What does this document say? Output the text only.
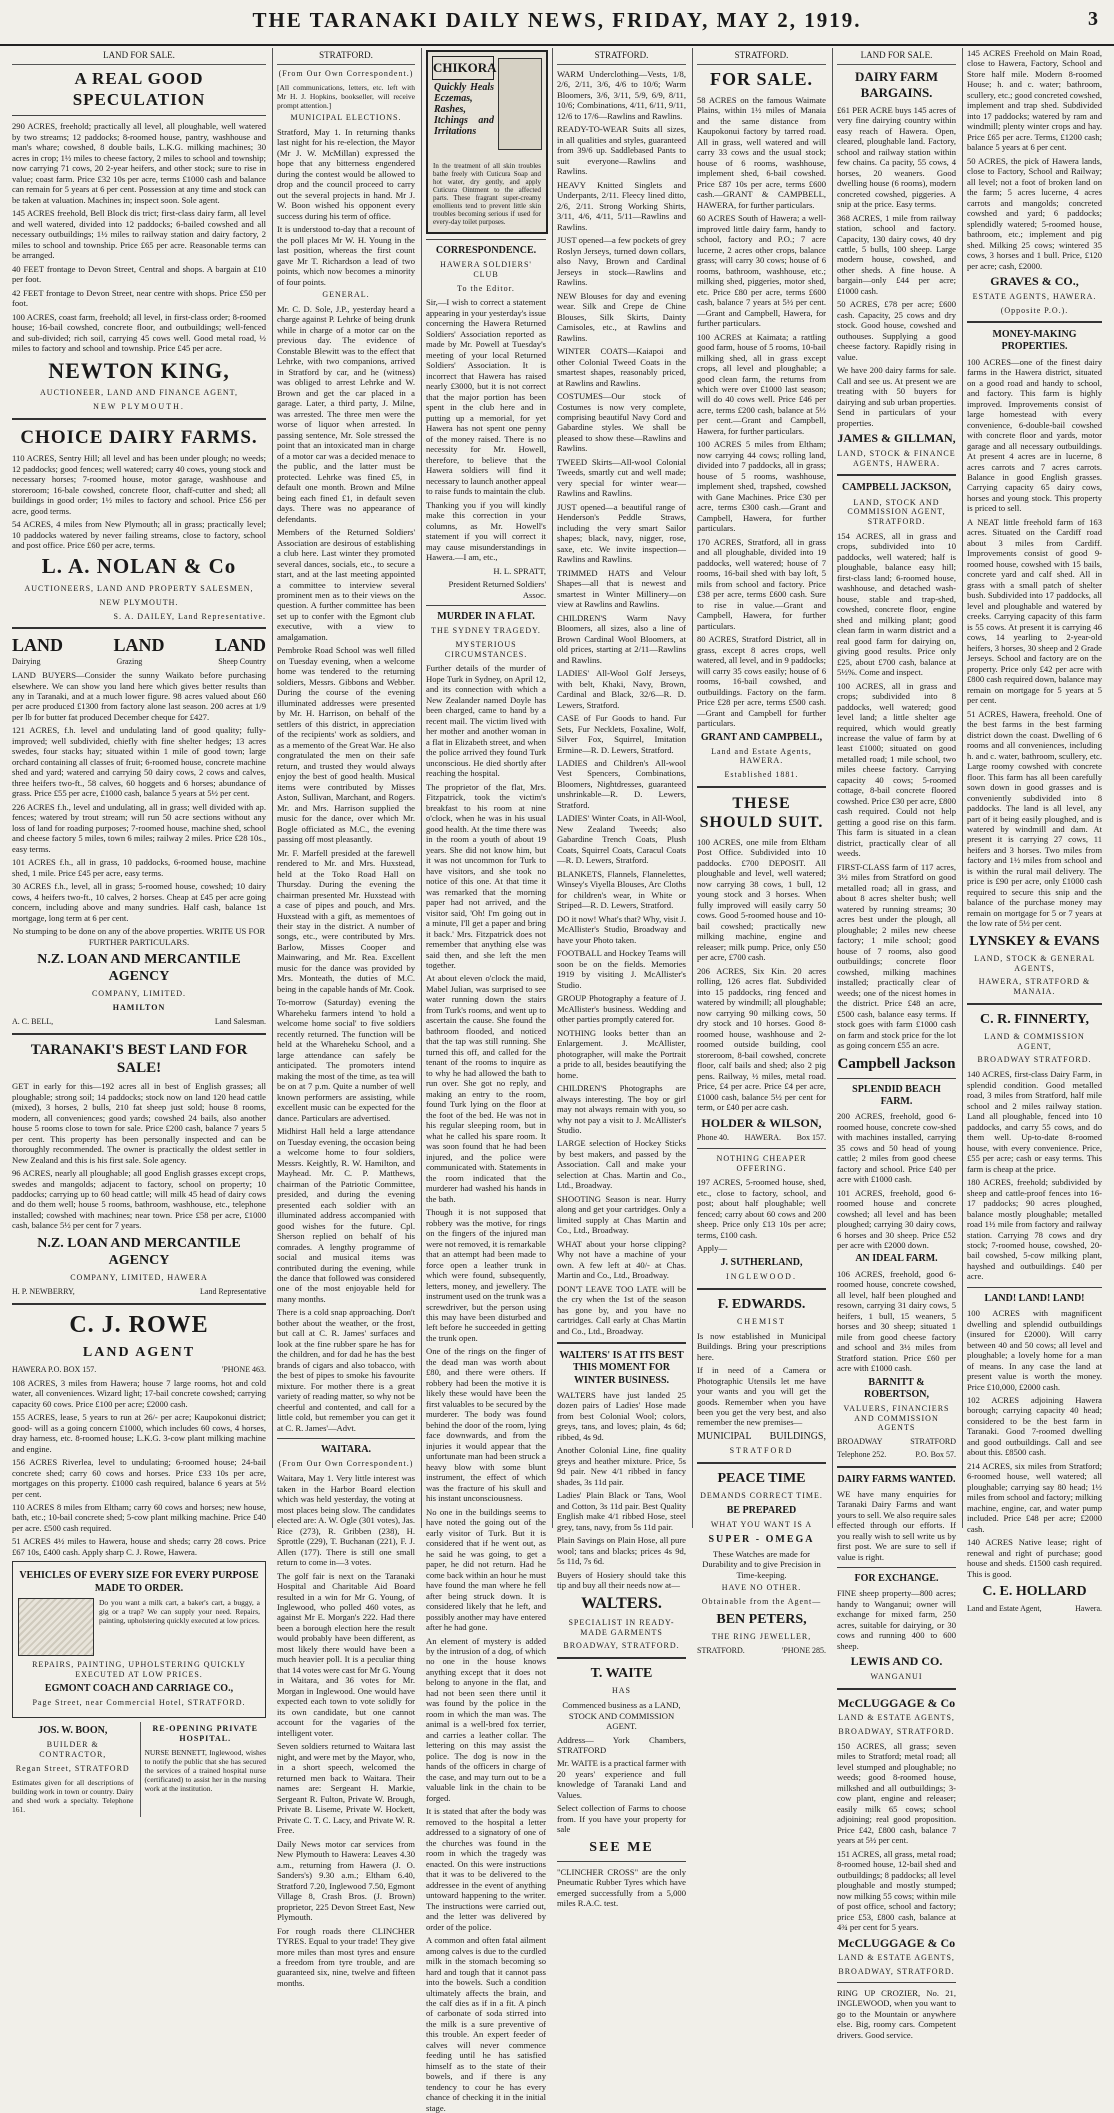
THE TARANAKI DAILY NEWS, FRIDAY, MAY 2, 1919.	3
LAND FOR SALE.
A REAL GOOD SPECULATION

290 ACRES, freehold; practically all level, all ploughable, well watered by two streams; 12 paddocks; 8-roomed house, pantry, washhouse and man's whare; cowshed, 8 double bails, L.K.G. milking machines; 30 acres in crop; 1½ miles to cheese factory, 2 miles to school and township; now carrying 71 cows, 20 2-year heifers, and other stock; sure to rise in value; coast farm. Price £32 10s per acre, terms £1000 cash and balance can remain for 5 years at 6 per cent. Possession at any time and stock can be taken at valuation. Machines in; inspect soon. Sole agent.

145 ACRES freehold, Bell Block dis trict; first-class dairy farm, all level and well watered, divided into 12 paddocks; 6-bailed cowshed and all necessary outbuildings; 1½ miles to railway station and dairy factory, 2 miles to school and township. Price £65 per acre. Reasonable terms can be arranged.

40 FEET frontage to Devon Street, Central and shops. A bargain at £10 per foot.

42 FEET frontage to Devon Street, near centre with shops. Price £50 per foot.

100 ACRES, coast farm, freehold; all level, in first-class order; 8-roomed house; 16-bail cowshed, concrete floor, and outbuildings; well-fenced and sub-divided; rich soil, carrying 45 cows well. Good metal road, ½ miles to factory and school and township. Price £45 per acre.

NEWTON KING,
AUCTIONEER, LAND AND FINANCE AGENT,
NEW PLYMOUTH.
CHOICE DAIRY FARMS.

110 ACRES, Sentry Hill; all level and has been under plough; no weeds; 12 paddocks; good fences; well watered; carry 40 cows, young stock and necessary horses; 7-roomed house, motor garage, washhouse and storeroom; 16-bale cowshed, concrete floor, chaff-cutter and shed; all buildings in good order; 1½ miles to factory and school. Price £56 per acre, good terms.

54 ACRES, 4 miles from New Plymouth; all in grass; practically level; 10 paddocks watered by never failing streams, close to factory, school and post office. Price £60 per acre, terms.

L. A. NOLAN & Co
AUCTIONEERS, LAND AND PROPERTY SALESMEN,
NEW PLYMOUTH.
S. A. DAILEY, Land Representative.
LAND	LAND	LAND
Dairying	Grazing	Sheep Country

LAND BUYERS—Consider the sunny Waikato before purchasing elsewhere. We can show you land here which gives better results than any in Taranaki, and at a much lower figure. 98 acres valued about £60 per acre produced £1300 from factory alone last season. 200 acres at 1/9 per lb for butter fat produced December cheque for £427.

121 ACRES, f.h. level and undulating land of good quality; fully-improved; well subdivided, chiefly with fine shelter hedges; 13 acres swedes, four stacks hay; situated within 1 mile of good town; large orchard containing all classes of fruit; 6-roomed house, concrete machine shed and yard; watered and carrying 50 dairy cows, 2 cows and calves, three heifers two-ft., 58 calves, 60 hoggets and 6 horses; abundance of grass. Price £55 per acre, £1000 cash, balance 5 years at 5½ per cent.

226 ACRES f.h., level and undulating, all in grass; well divided with ap. fences; watered by trout stream; will run 50 acre sections without any loss of land for roading purposes; 7-roomed house, machine shed, school and cheese factory 5 miles, town 6 miles; railway 2 miles. Price £28 10s., easy terms.

101 ACRES f.h., all in grass, 10 paddocks, 6-roomed house, machine shed, 1 mile. Price £45 per acre, easy terms.

30 ACRES f.h., level, all in grass; 5-roomed house, cowshed; 10 dairy cows, 4 heifers two-ft., 10 calves, 2 horses. Cheap at £45 per acre going concern, including above and many sundries. Half cash, balance 1st mortgage, long term at 6 per cent.

No stumping to be done on any of the above properties. WRITE US FOR FURTHER PARTICULARS.

N.Z. LOAN AND MERCANTILE AGENCY
COMPANY, LIMITED.
HAMILTON
A. C. BELL,	Land Salesman.
TARANAKI'S BEST LAND FOR SALE!

GET in early for this—192 acres all in best of English grasses; all ploughable; strong soil; 14 paddocks; stock now on land 120 head cattle (mixed), 3 horses, 2 bulls, 210 fat sheep just sold; house 8 rooms, modern, all conveniences; good yards; cowshed 24 bails, also another house 5 rooms close to town for sale. Price £200 cash, balance 7 years 5 per cent. This property has been personally inspected and can be thoroughly recommended. The owner is practically the oldest settler in New Zealand and this is his first sale. Sole agency.

96 ACRES, nearly all ploughable; all good English grasses except crops, swedes and mangolds; adjacent to factory, school on property; 10 paddocks; carrying up to 60 head cattle; will milk 45 head of dairy cows and do them well; house 5 rooms, bathroom, washhouse, etc., telephone installed; cowshed with machines; near town. Price £58 per acre, £1000 cash, balance 5½ per cent for 7 years.

N.Z. LOAN AND MERCANTILE AGENCY
COMPANY, LIMITED, HAWERA
H. P. NEWBERRY,	Land Representative
C. J. ROWE
LAND AGENT
HAWERA P.O. BOX 157.	'PHONE 463.

108 ACRES, 3 miles from Hawera; house 7 large rooms, hot and cold water, all conveniences. Wizard light; 17-bail concrete cowshed; carrying capacity 60 cows. Price £100 per acre; £2000 cash.

155 ACRES, lease, 5 years to run at 26/- per acre; Kaupokonui district; good- will as a going concern £1000, which includes 60 cows, 4 horses, dray harness, etc. 8-roomed house; L.K.G. 3-cow plant milking machine and engine.

156 ACRES Riverlea, level to undulating; 6-roomed house; 24-bail concrete shed; carry 60 cows and horses. Price £33 10s per acre, mortgages on this property. £1000 cash required, balance 6 years at 5½ per cent.

110 ACRES 8 miles from Eltham; carry 60 cows and horses; new house, bath, etc.; 10-bail concrete shed; 5-cow plant milking machine. Price £40 per acre. £500 cash required.

51 ACRES 4½ miles to Hawera, house and sheds; carry 28 cows. Price £67 10s, £400 cash. Apply sharp C. J. Rowe, Hawera.

VEHICLES OF EVERY SIZE FOR EVERY PURPOSE MADE TO ORDER.

Do you want a milk cart, a baker's cart, a buggy, a gig or a trap? We can supply your need. Repairs, painting, upholstering quickly executed at low prices.

REPAIRS, PAINTING, UPHOLSTERING QUICKLY EXECUTED AT LOW PRICES.
EGMONT COACH AND CARRIAGE CO.,
Page Street, near Commercial Hotel, STRATFORD.
JOS. W. BOON,
BUILDER & CONTRACTOR,
Regan Street, STRATFORD

Estimates given for all descriptions of building work in town or country. Dairy and shed work a specialty. Telephone 161.

RE-OPENING PRIVATE HOSPITAL.

NURSE BENNETT, Inglewood, wishes to notify the public that she has secured the services of a trained hospital nurse (certificated) to assist her in the nursing work at the institution.

STRATFORD.
(From Our Own Correspondent.)

[All communications, letters, etc. left with Mr H. J. Hopkins, bookseller, will receive prompt attention.]

MUNICIPAL ELECTIONS.

Stratford, May 1. In returning thanks last night for his re-election, the Mayor (Mr J. W. McMillan) expressed the hope that any bitterness engendered during the contest would be allowed to drop and the council proceed to carry out the several projects in hand. Mr J. W. Boon wished his opponent every success during his term of office.

It is understood to-day that a recount of the poll places Mr W. H. Young in the last position, whereas the first count gave Mr T. Richardson a lead of two points, which now becomes a minority of four points.

GENERAL.

Mr. C. D. Sole, J.P., yesterday heard a charge against P. Lehrke of being drunk while in charge of a motor car on the previous day. The evidence of Constable Blewitt was to the effect that Lehrke, with two companions, arrived in Stratford by car, and he (witness) was obliged to arrest Lehrke and W. Brown and get the car placed in a garage. Later, a third party, J. Milne, was arrested. The three men were the worse of liquor when arrested. In passing sentence, Mr. Sole stressed the point that an intoxicated man in charge of a motor car was a decided menace to the public, and the latter must be protected. Lehrke was fined £5, in default one month. Brown and Milne being each fined £1, in default seven days. There was no appearance of defendants.

Members of the Returned Soldiers' Association are desirous of establishing a club here. Last winter they promoted several dances, socials, etc., to secure a start, and at the last meeting appointed a committee to interview several prominent men as to their views on the question. A further committee has been set up to confer with the Egmont club executive, with a view to amalgamation.

Pembroke Road School was well filled on Tuesday evening, when a welcome home was tendered to the returning soldiers, Messrs. Gibbons and Webber. During the course of the evening illuminated addresses were presented by Mr. H. Harrison, on behalf of the settlers of this district, in appreciation of the recipients' work as soldiers, and as a memento of the Great War. He also congratulated the men on their safe return, and trusted they would always enjoy the best of good health. Musical items were contributed by Misses Aston, Sullivan, Marchant, and Rogers. Mr. and Mrs. Harrison supplied the music for the dance, over which Mr. Bogle officiated as M.C., the evening passing off most pleasantly.

Mr. F. Marfell presided at the farewell rendered to Mr. and Mrs. Huxstead, held at the Toko Road Hall on Thursday. During the evening the chairman presented Mr. Huxstead with a case of pipes and pouch, and Mrs. Huxstead with a gift, as mementoes of their stay in the district. A number of songs, etc., were contributed by Mrs. Barlow, Misses Cooper and Mainwaring, and Mr. Rea. Excellent music for the dance was provided by Mrs. Monteath, the duties of M.C. being in the capable hands of Mr. Cook.

To-morrow (Saturday) evening the Whareheku farmers intend 'to hold a welcome home social' to five soldiers recently returned. The function will be held at the Whareheku School, and a large attendance can safely be anticipated. The promoters intend making the most of the time, as tea will be on at 7 p.m. Quite a number of well known performers are assisting, while excellent music can be expected for the dance. Particulars are advertised.

Midhirst Hall held a large attendance on Tuesday evening, the occasion being a welcome home to four soldiers, Messrs. Keightly, R. W. Hamilton, and Mayhead. Mr. C. P. Matthews, chairman of the Patriotic Committee, presided, and during the evening presented each soldier with an illuminated address accompanied with good wishes for the future. Cpl. Sherson replied on behalf of his comrades. A lengthy programme of social and musical items was contributed during the evening, while the dance that followed was considered one of the most enjoyable held for many months.

There is a cold snap approaching. Don't bother about the weather, or the frost, but call at C. R. James' surfaces and look at the fine rubber spare he has for the children, and for dad he has the best brands of cigars and also tobacco, with the best of pipes to smoke his favourite mixture. For mother there is a great variety of reading matter, so why not be cheerful and contented, and call for a little cold, but remember you can get it at C. R. James'—Advt.

WAITARA.
(From Our Own Correspondent.)

Waitara, May 1. Very little interest was taken in the Harbor Board election which was held yesterday, the voting at most places being slow. The candidates elected are: A. W. Ogle (301 votes), Jas. Rice (273), R. Gribben (238), H. Sprottle (229), T. Buchanan (221), F. J. Allen (177). There is still one small return to come in—3 votes.

The golf fair is next on the Taranaki Hospital and Charitable Aid Board resulted in a win for Mr G. Young, of Inglewood, who polled 460 votes, as against Mr E. Morgan's 222. Had there been a borough election here the result would probably have been different, as most likely there would have been a much heavier poll. It is a peculiar thing that 14 votes were cast for Mr G. Young in Waitara, and 36 votes for Mr. Morgan in Inglewood. One would have expected each town to vote solidly for its own candidate, but one cannot account for the vagaries of the intelligent voter.

Seven soldiers returned to Waitara last night, and were met by the Mayor, who, in a short speech, welcomed the returned men back to Waitara. Their names are: Sergeant H. Markie, Sergeant R. Fulton, Private W. Brough, Private B. Liseme, Private W. Hockett, Private C. T. C. Lacy, and Private W. R. Free.

Daily News motor car services from New Plymouth to Hawera: Leaves 4.30 a.m., returning from Hawera (J. O. Sanders's) 9.30 a.m.; Eltham 6.40, Stratford 7.20, Inglewood 7.50, Egmont Village 8, Crash Bros. (J. Brown) proprietor, 225 Devon Street East, New Plymouth.

For rough roads there CLINCHER TYRES. Equal to your trade! They give more miles than most tyres and ensure a freedom from tyre trouble, and are guaranteed six, nine, twelve and fifteen months.

CHIKORA
Quickly Heals Eczemas, Rashes, Itchings and Irritations
In the treatment of all skin troubles bathe freely with Cuticura Soap and hot water, dry gently, and apply Cuticura Ointment to the affected parts. These fragrant super-creamy emollients tend to prevent little skin troubles becoming serious if used for every-day toilet purposes.
CORRESPONDENCE.
HAWERA SOLDIERS' CLUB
To the Editor.

Sir,—I wish to correct a statement appearing in your yesterday's issue concerning the Hawera Returned Soldiers' Association reported as made by Mr. Powell at Tuesday's meeting of your local Returned Soldiers' Association. It is incorrect that Hawera has raised nearly £3000, but it is not correct that the major portion has been spent in the club here and in putting up a memorial, for yet Hawera has not spent one penny of the money raised. There is no necessity for Mr. Howell, therefore, to believe that the Hawera soldiers will find it necessary to launch another appeal to raise funds to maintain the club.

Thanking you if you will kindly make this correction in your columns, as Mr. Howell's statement if you will correct it may cause misunderstandings in Hawera.—I am, etc.,

H. L. SPRATT,

President Returned Soldiers' Assoc.

MURDER IN A FLAT.
THE SYDNEY TRAGEDY.
MYSTERIOUS CIRCUMSTANCES.

Further details of the murder of Hope Turk in Sydney, on April 12, and its connection with which a New Zealander named Doyle has been charged, came to hand by a recent mail. The victim lived with her mother and another woman in a flat in Elizabeth street, and when the police arrived they found Turk unconscious. He died shortly after reaching the hospital.

The proprietor of the flat, Mrs. Fitzpatrick, took the victim's breakfast to his room at nine o'clock, when he was in his usual good health. At the time there was in the room a youth of about 19 years. She did not know him, but it was not uncommon for Turk to have visitors, and she took no notice of this one. At that time it was remarked that the morning paper had not arrived, and the visitor said, 'Oh! I'm going out in a minute, I'll get a paper and bring it back.' Mrs. Fitzpatrick does not remember that anything else was said then, and she left the men together.

At about eleven o'clock the maid, Mabel Julian, was surprised to see water running down the stairs from Turk's rooms, and went up to ascertain the cause. She found the bathroom flooded, and noticed that the tap was still running. She turned this off, and called for the tenant of the rooms to inquire as to why he had allowed the bath to run over. She got no reply, and making an entry to the room, found Turk lying on the floor at the foot of the bed. He was not in his regular sleeping room, but in what he called his spare room. It was soon found that he had been injured, and the police were communicated with. Statements in the room indicated that the murderer had washed his hands in the bath.

Though it is not supposed that robbery was the motive, for rings on the fingers of the injured man were not removed, it is remarkable that an attempt had been made to force open a leather trunk in which were found, subsequently, letters, money, and jewellery. The instrument used on the trunk was a screwdriver, but the person using this may have been disturbed and left before he succeeded in getting the trunk open.

One of the rings on the finger of the dead man was worth about £80, and there were others. If robbery had been the motive it is likely these would have been the first valuables to be secured by the murderer. The body was found behind the door of the room, lying face downwards, and from the injuries it would appear that the unfortunate man had been struck a heavy blow with some blunt instrument, the effect of which was the fracture of his skull and his instant unconsciousness.

No one in the buildings seems to have noted the going out of the early visitor of Turk. But it is considered that if he went out, as he said he was going, to get a paper, he did not return. Had he come back within an hour he must have found the man where he fell after being struck down. It is considered likely that he left, and possibly another may have entered after he had gone.

An element of mystery is added by the intrusion of a dog, of which no one in the house knows anything except that it does not belong to anyone in the flat, and had not been seen there until it was found by the police in the room in which the man was. The animal is a well-bred fox terrier, and carries a leather collar. The lettering on this may assist the police. The dog is now in the hands of the officers in charge of the case, and may turn out to be a valuable link in the chain to be forged.

It is stated that after the body was removed to the hospital a letter addressed to a signatory of one of the churches was found in the room in which the tragedy was enacted. On this were instructions that it was to be delivered to the addressee in the event of anything untoward happening to the writer. The instructions were carried out, and the letter was delivered by order of the police.

A common and often fatal ailment among calves is due to the curdled milk in the stomach becoming so hard and tough that it cannot pass into the bowels. Such a condition ultimately affects the brain, and the calf dies as if in a fit. A pinch of carbonate of soda stirred into the milk is a sure preventive of this trouble. An expert feeder of calves will never commence feeding until he has satisfied himself as to the state of their bowels, and if there is any tendency to cour he has every chance of checking it in the initial stage.

STRATFORD.

WARM Underclothing—Vests, 1/8, 2/6, 2/11, 3/6, 4/6 to 10/6; Warm Bloomers, 3/6, 3/11, 5/9, 6/9, 8/11, 10/6; Combinations, 4/11, 6/11, 9/11, 12/6 to 17/6—Rawlins and Rawlins.

READY-TO-WEAR Suits all sizes, in all qualities and styles, guaranteed from 39/6 up. Saddlebased Pants to suit everyone—Rawlins and Rawlins.

HEAVY Knitted Singlets and Underpants, 2/11. Fleecy lined ditto, 2/6, 2/11. Strong Working Shirts, 3/11, 4/6, 4/11, 5/11—Rawlins and Rawlins.

JUST opened—a few pockets of grey Roslyn Jerseys, turned down collars, also Navy, Brown and Cardinal Jerseys in stock—Rawlins and Rawlins.

NEW Blouses for day and evening wear. Silk and Crepe de Chine Blouses, Silk Skirts, Dainty Camisoles, etc., at Rawlins and Rawlins.

WINTER COATS—Kaiapoi and other Colonial Tweed Coats in the smartest shapes, reasonably priced, at Rawlins and Rawlins.

COSTUMES—Our stock of Costumes is now very complete, comprising beautiful Navy Cord and Gabardine styles. We shall be pleased to show these—Rawlins and Rawlins.

TWEED Skirts—All-wool Colonial Tweeds, smartly cut and well made; very special for winter wear—Rawlins and Rawlins.

JUST opened—a beautiful range of Henderson's Peddle Straws, including the very smart Sailor shapes; black, navy, nigger, rose, saxe, etc. We invite inspection—Rawlins and Rawlins.

TRIMMED HATS and Velour Shapes—all that is newest and smartest in Winter Millinery—on view at Rawlins and Rawlins.

CHILDREN'S Warm Navy Bloomers, all sizes, also a line of Brown Cardinal Wool Bloomers, at old prices, starting at 2/11—Rawlins and Rawlins.

LADIES' All-Wool Golf Jerseys, with belt, Khaki, Navy, Brown, Cardinal and Black, 32/6—R. D. Lewers, Stratford.

CASE of Fur Goods to hand. Fur Sets, Fur Necklets, Foxaline, Wolf, Silver Fox, Squirrel, Imitation Ermine—R. D. Lewers, Stratford.

LADIES and Children's All-wool Vest Spencers, Combinations, Bloomers, Nightdresses, guaranteed unshrinkable—R. D. Lewers, Stratford.

LADIES' Winter Coats, in All-Wool, New Zealand Tweeds; also Gabardine Trench Coats, Plush Coats, Squirrel Coats, Caracul Coats—R. D. Lewers, Stratford.

BLANKETS, Flannels, Flannelettes, Winsey's Viyella Blouses, Arc Cloths for children's wear, in White or Striped—R. D. Lewers, Stratford.

DO it now! What's that? Why, visit J. McAllister's Studio, Broadway and have your Photo taken.

FOOTBALL and Hockey Teams will soon be on the fields. Memories 1919 by visiting J. McAllister's Studio.

GROUP Photography a feature of J. McAllister's business. Wedding and other parties promptly catered for.

NOTHING looks better than an Enlargement. J. McAllister, photographer, will make the Portrait a pride to all, besides beautifying the home.

CHILDREN'S Photographs are always interesting. The boy or girl may not always remain with you, so why not pay a visit to J. McAllister's Studio.

LARGE selection of Hockey Sticks by best makers, and passed by the Association. Call and make your selection at Chas. Martin and Co., Ltd., Broadway.

SHOOTING Season is near. Hurry along and get your cartridges. Only a limited supply at Chas Martin and Co., Ltd., Broadway.

WHAT about your horse clipping? Why not have a machine of your own. A few left at 40/- at Chas. Martin and Co., Ltd., Broadway.

DON'T LEAVE TOO LATE will be the cry when the 1st of the season has gone by, and you have no cartridges. Call early at Chas Martin and Co., Ltd., Broadway.

WALTERS' IS AT ITS BEST THIS MOMENT FOR WINTER BUSINESS.

WALTERS have just landed 25 dozen pairs of Ladies' Hose made from best Colonial Wool; colors, greys, tans, and loves; plain, 4s 6d; ribbed, 4s 9d.

Another Colonial Line, fine quality greys and heather mixture. Price, 5s 9d pair. New 4/1 ribbed in fancy shades, 3s 11d pair.

Ladies' Plain Black or Tans, Wool and Cotton, 3s 11d pair. Best Quality English make 4/1 ribbed Hose, steel grey, tans, navy, from 5s 11d pair.

Plain Savings on Plain Hose, all pure wool; tans and blacks; prices 4s 9d, 5s 11d, 7s 6d.

Buyers of Hosiery should take this tip and buy all their needs now at—

WALTERS.
SPECIALIST IN READY-MADE GARMENTS
BROADWAY, STRATFORD.
T. WAITE
HAS

Commenced business as a LAND, STOCK AND COMMISSION AGENT.

Address— York Chambers, STRATFORD

Mr. WAITE is a practical farmer with 20 years' experience and full knowledge of Taranaki Land and Values.

Select collection of Farms to choose from. If you have your property for sale

SEE ME

"CLINCHER CROSS" are the only Pneumatic Rubber Tyres which have emerged successfully from a 5,000 miles R.A.C. test.

STRATFORD.
FOR SALE.

58 ACRES on the famous Waimate Plains, within 1½ miles of Manaia and the same distance from Kaupokonui factory by tarred road. All in grass, well watered and will carry 33 cows and the usual stock; house of 6 rooms, washhouse, implement shed, 6-bail cowshed. Price £87 10s per acre, terms £600 cash.—GRANT & CAMPBELL, HAWERA, for further particulars.

60 ACRES South of Hawera; a well-improved little dairy farm, handy to school, factory and P.O.; 7 acre lucerne, 2 acres other crops, balance grass; will carry 30 cows; house of 6 rooms, bathroom, washhouse, etc.; milking shed, piggeries, motor shed, etc. Price £80 per acre, terms £600 cash, balance 7 years at 5½ per cent.—Grant and Campbell, Hawera, for further particulars.

100 ACRES at Kaimata; a rattling good farm, house of 5 rooms, 10-bail milking shed, all in grass except crops, all level and ploughable; a good clean farm, the returns from which were over £1000 last season; will do 40 cows well. Price £46 per acre, terms £200 cash, balance at 5½ per cent.—Grant and Campbell, Hawera, for further particulars.

100 ACRES 5 miles from Eltham; now carrying 44 cows; rolling land, divided into 7 paddocks, all in grass; house of 5 rooms, washhouse, implement shed, trapshed, cowshed with Gane Machines. Price £30 per acre, terms £300 cash.—Grant and Campbell, Hawera, for further particulars.

170 ACRES, Stratford, all in grass and all ploughable, divided into 19 paddocks, well watered; house of 7 rooms, 16-bail shed with bay loft, 5 mils from school and factory. Price £38 per acre, terms £600 cash. Sure to rise in value.—Grant and Campbell, Hawera, for further particulars.

80 ACRES, Stratford District, all in grass, except 8 acres crops, well watered, all level, and in 9 paddocks; will carry 35 cows easily; house of 6 rooms, 16-bail cowshed, and outbuildings. Factory on the farm. Price £28 per acre, terms £500 cash.—Grant and Campbell for further particulars.

GRANT AND CAMPBELL,
Land and Estate Agents, HAWERA.
Established 1881.
THESE SHOULD SUIT.

100 ACRES, one mile from Eltham Post Office. Subdivided into 10 paddocks. £700 DEPOSIT. All ploughable and level, well watered; now carrying 38 cows, 1 bull, 12 young stock and 3 horses. When fully improved will easily carry 50 cows. Good 5-roomed house and 10-bail cowshed; practically new milking machine, engine and releaser; milk pump. Price, only £50 per acre, £700 cash.

206 ACRES, Six Kin. 20 acres rolling, 126 acres flat. Subdivided into 15 paddocks, ring fenced and watered by windmill; all ploughable; now carrying 90 milking cows, 50 dry stock and 10 horses. Good 8-roomed house, washhouse and 2-roomed outside building, cool storeroom, 8-bail cowshed, concrete floor, calf bails and shed; also 2 pig pens. Railway, ½ miles, metal road. Price, £4 per acre. Price £4 per acre, £1000 cash, balance 5½ per cent for term, or £40 per acre cash.

HOLDER & WILSON,
Phone 40. HAWERA. Box 157.
NOTHING CHEAPER OFFERING.

197 ACRES, 5-roomed house, shed, etc., close to factory, school, and post; about half ploughable; well fenced; carry about 60 cows and 200 sheep. Price only £13 10s per acre; terms, £100 cash.

Apply—

J. SUTHERLAND,
INGLEWOOD.
F. EDWARDS.
CHEMIST

Is now established in Municipal Buildings. Bring your prescriptions here.

If in need of a Camera or Photographic Utensils let me have your wants and you will get the goods. Remember when you have been you get the very best, and also remember the new premises—

MUNICIPAL BUILDINGS,
STRATFORD
PEACE TIME
DEMANDS CORRECT TIME.
BE PREPARED
WHAT YOU WANT IS A
SUPER - OMEGA

These Watches are made for Durability and to give Precision in Time-keeping.

HAVE NO OTHER.
Obtainable from the Agent—
BEN PETERS,
THE RING JEWELLER,
STRATFORD.	'PHONE 285.
LAND FOR SALE.
DAIRY FARM BARGAINS.

£61 PER ACRE buys 145 acres of very fine dairying country within easy reach of Hawera. Open, cleared, ploughable land. Factory, school and railway station within few chains. Ca pacity, 55 cows, 4 horses, 20 weaners. Good dwelling house (6 rooms), modern concreted cowshed, piggeries. A snip at the price. Easy terms.

368 ACRES, 1 mile from railway station, school and factory. Capacity, 130 dairy cows, 40 dry cattle, 5 bulls, 100 sheep. Large modern house, cowshed, and other sheds. A fine house. A bargain—only £44 per acre; £1000 cash.

50 ACRES, £78 per acre; £600 cash. Capacity, 25 cows and dry stock. Good house, cowshed and outhouses. Supplying a good cheese factory. Rapidly rising in value.

We have 200 dairy farms for sale. Call and see us. At present we are treating with 50 buyers for dairying and sub urban properties. Send in particulars of your properties.

JAMES & GILLMAN,
LAND, STOCK & FINANCE AGENTS, HAWERA.
CAMPBELL JACKSON,
LAND, STOCK AND COMMISSION AGENT, STRATFORD.

154 ACRES, all in grass and crops, subdivided into 10 paddocks, well watered; half is ploughable, balance easy hill; first-class land; 6-roomed house, washhouse, and detached wash-house, stable and trap-shed, cowshed, concrete floor, engine shed and milking plant; good clean farm in warm district and a real good farm for dairying on, giving good results. Price only £25, about £700 cash, balance at 5½%. Come and inspect.

100 ACRES, all in grass and crops; subdivided into 8 paddocks, well watered; good level land; a little shelter age required, which would greatly increase the value of farm by at least £1000; situated on good metalled road; 1 mile school, two miles cheese factory. Carrying capacity 40 cows; 5-roomed cottage, 8-bail concrete floored cowshed. Price £30 per acre, £800 cash required. Could not help getting a good rise on this farm. This farm is situated in a clean district, practically clear of all weeds.

FIRST-CLASS farm of 117 acres, 3½ miles from Stratford on good metalled road; all in grass, and about 8 acres shelter bush; well watered by running streams; 30 acres best under the plough, all ploughable; 2 miles new cheese factory; 1 mile school; good house of 7 rooms, also good outbuildings; concrete floor cowshed, milking machines installed; practically clear of weeds; one of the nicest homes in the district. Price £48 an acre, £500 cash, balance easy terms. If stock goes with farm £1000 cash on farm and stock price for the lot as going concern £55 an acre.

Campbell Jackson
SPLENDID BEACH FARM.

200 ACRES, freehold, good 6-roomed house, concrete cow-shed with machines installed, carrying 35 cows and 50 head of young cattle; 2 miles from good cheese factory and school. Price £40 per acre with £1000 cash.

101 ACRES, freehold, good 6-roomed house and concrete cowshed; all level and has been ploughed; carrying 30 dairy cows, 6 horses and 30 sheep. Price £52 per acre with £2000 down.

AN IDEAL FARM.

106 ACRES, freehold, good 6-roomed house, concrete cowshed, all level, half been ploughed and resown, carrying 31 dairy cows, 5 heifers, 1 bull, 15 weaners, 5 horses and 30 sheep; situated 1 mile from good cheese factory and school and 3½ miles from Stratford station. Price £60 per acre with £1000 cash.

BARNITT & ROBERTSON,
VALUERS, FINANCIERS AND COMMISSION AGENTS
BROADWAY	STRATFORD
Telephone 252.	P.O. Box 57.
DAIRY FARMS WANTED.

WE have many enquiries for Taranaki Dairy Farms and want yours to sell. We also require sales effected through our efforts. If you really wish to sell write us by first post. We are sure to sell if value is right.

FOR EXCHANGE.

FINE sheep property—800 acres; handy to Wanganui; owner will exchange for mixed farm, 250 acres, suitable for dairying, or 30 cows and running 400 to 600 sheep.

LEWIS AND CO.
WANGANUI
McCLUGGAGE & Co
LAND & ESTATE AGENTS,
BROADWAY, STRATFORD.

150 ACRES, all grass; seven miles to Stratford; metal road; all level stumped and ploughable; no weeds; good 8-roomed house, milkshed and all outbuildings; 3-cow plant, engine and releaser; easily milk 65 cows; school adjoining; real good proposition. Price £42, £800 cash, balance 7 years at 5½ per cent.

151 ACRES, all grass, metal road; 8-roomed house, 12-bail shed and outbuildings; 8 paddocks; all level ploughable and mostly stumped; now milking 55 cows; within mile of post office, school and factory; price £53, £800 cash, balance at 4¾ per cent for 5 years.

McCLUGGAGE & Co
LAND & ESTATE AGENTS,
BROADWAY, STRATFORD.

RING UP CROZIER, No. 21, INGLEWOOD, when you want to go to the Mountain or anywhere else. Big, roomy cars. Competent drivers. Good service.

145 ACRES Freehold on Main Road, close to Hawera, Factory, School and Store half mile. Modern 8-roomed House; h. and c. water; bathroom, scullery, etc.; good concreted cowshed, implement and trap shed. Subdivided into 17 paddocks; watered by ram and windmill; plenty winter crops and hay. Price £65 per acre. Terms, £1200 cash; balance 5 years at 6 per cent.

50 ACRES, the pick of Hawera lands, close to Factory, School and Railway; all level; not a foot of broken land on the farm; 5 acres lucerne, 4 acres carrots and mangolds; concreted cowshed and yard; 6 paddocks; splendidly watered; 5-roomed house, bathroom, etc.; implement and pig shed. Milking 25 cows; wintered 35 cows, 3 horses and 1 bull. Price, £120 per acre; cash, £2000.

GRAVES & CO.,
ESTATE AGENTS, HAWERA.
(Opposite P.O.).
MONEY-MAKING PROPERTIES.

100 ACRES—one of the finest dairy farms in the Hawera district, situated on a good road and handy to school, and factory. This farm is highly improved. Improvements consist of large homestead with every convenience, 6-double-bail cowshed with concrete floor and yards, motor garage and all necessary outbuildings. At present 4 acres are in lucerne, 8 acres carrots and 7 acres carrots. Balance in good English grasses. Carrying capacity 65 dairy cows, horses and young stock. This property is priced to sell.

A NEAT little freehold farm of 163 acres. Situated on the Cardiff road about 3 miles from Cardiff. Improvements consist of good 9-roomed house, cowshed with 15 bails, concrete yard and calf shed. All in grass with a small patch of shelter bush. Subdivided into 17 paddocks, all level and ploughable and watered by creeks. Carrying capacity of this farm is 55 cows. At present it is carrying 46 cows, 14 yearling to 2-year-old heifers, 3 horses, 30 sheep and 2 Grade Jerseys. School and factory are on the property. Price only £42 per acre with £800 cash required down, balance may remain on mortgage for 5 years at 5 per cent.

51 ACRES, Hawera, freehold. One of the best farms in the best farming district down the coast. Dwelling of 6 rooms and all conveniences, including h. and c. water, bathroom, scullery, etc. Large roomy cowshed with concrete floor. This farm has all been carefully sown down in good grasses and is conveniently subdivided into 8 paddocks. The land is all level, any part of it being easily ploughed, and is watered by windmill and dam. At present it is carrying 27 cows, 11 heifers and 3 horses. Two miles from factory and 1½ miles from school and is within the rural mail delivery. The price is £90 per acre, only £1000 cash required to secure this snip and the balance of the purchase money may remain on mortgage for 5 or 7 years at the low rate of 5½ per cent.

LYNSKEY & EVANS
LAND, STOCK & GENERAL AGENTS,
HAWERA, STRATFORD & MANAIA.
C. R. FINNERTY,
LAND & COMMISSION AGENT,
BROADWAY STRATFORD.

140 ACRES, first-class Dairy Farm, in splendid condition. Good metalled road, 3 miles from Stratford, half mile school and 2 miles railway station. Land all ploughable, fenced into 10 paddocks, and carry 55 cows, and do them well. Up-to-date 8-roomed house, with every convenience. Price, £55 per acre; cash or easy terms. This farm is cheap at the price.

180 ACRES, freehold; subdivided by sheep and cattle-proof fences into 16-17 paddocks; 90 acres ploughed, balance mostly ploughable; metalled road 1½ mile from factory and railway station. Carrying 78 cows and dry stock; 7-roomed house, cowshed, 20-bail cowshed, 5-cow milking plant, hayshed and outbuildings. £40 per acre.

LAND! LAND! LAND!

100 ACRES with magnificent dwelling and splendid outbuildings (insured for £2000). Will carry between 40 and 50 cows; all level and ploughable; a lovely home for a man of means. In any case the land at present value is worth the money. Price £10,000, £2000 cash.

102 ACRES adjoining Hawera borough; carrying capacity 40 head; considered to be the best farm in Taranaki. Good 7-roomed dwelling and good outbuildings. Call and see about this. £8500 cash.

214 ACRES, six miles from Stratford; 6-roomed house, well watered; all ploughable; carrying say 80 head; 1½ miles from school and factory; milking machine, engine, car, and water pump included. Price £48 per acre; £2000 cash.

140 ACRES Native lease; right of renewal and right of purchase; good house and sheds. £1500 cash required. This is good.

C. E. HOLLARD
Land and Estate Agent,	Hawera.
